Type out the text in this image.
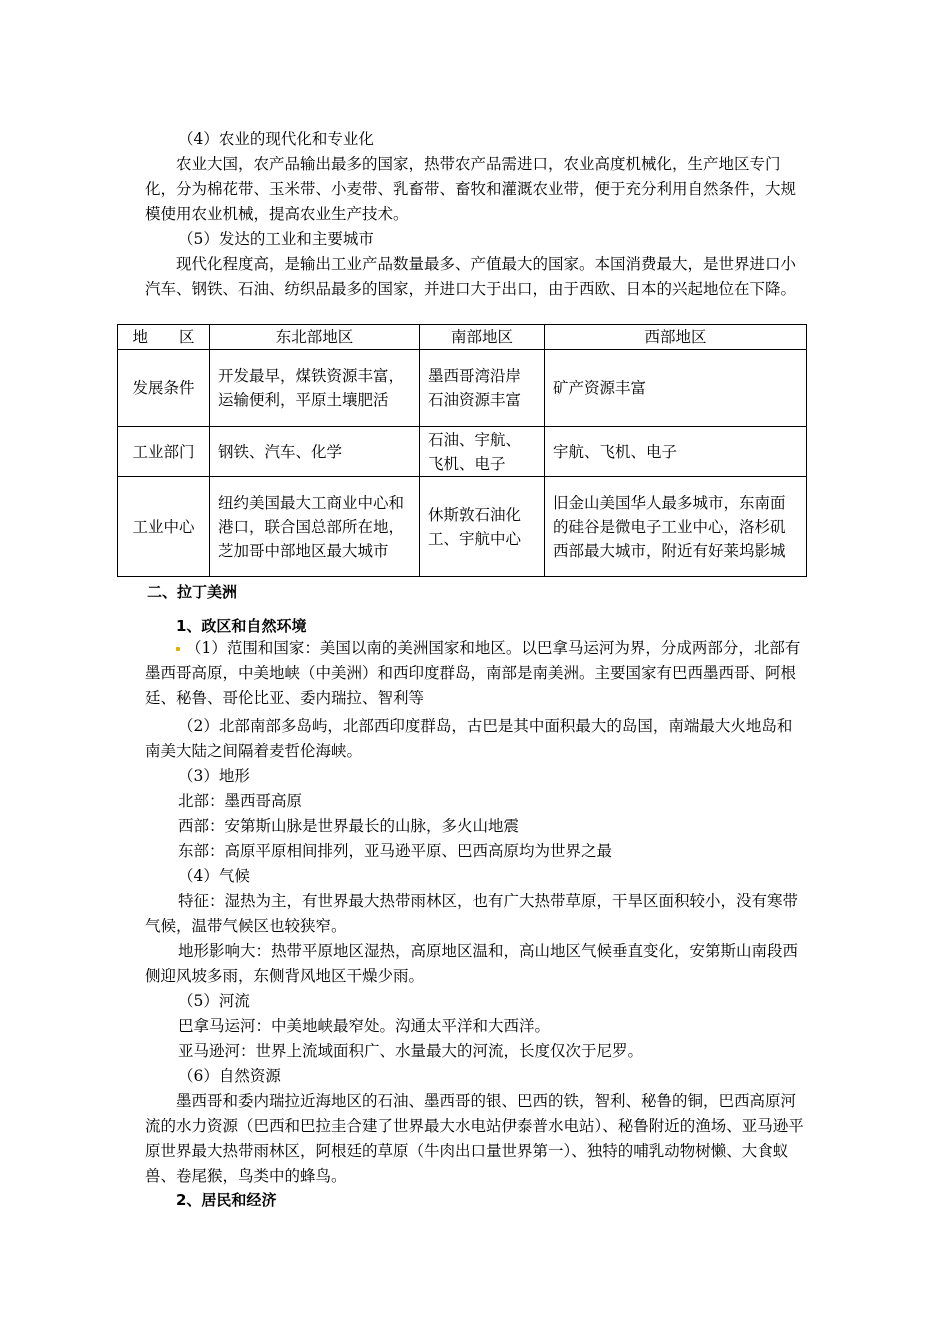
（4）农业的现代化和专业化

农业大国，农产品输出最多的国家，热带农产品需进口，农业高度机械化，生产地区专门化，分为棉花带、玉米带、小麦带、乳畜带、畜牧和灌溉农业带，便于充分利用自然条件，大规模使用农业机械，提高农业生产技术。

（5）发达的工业和主要城市

现代化程度高，是输出工业产品数量最多、产值最大的国家。本国消费最大，是世界进口小汽车、钢铁、石油、纺织品最多的国家，并进口大于出口，由于西欧、日本的兴起地位在下降。

地　　区	东北部地区	南部地区	西部地区
发展条件	开发最早，煤铁资源丰富，运输便利，平原土壤肥活	墨西哥湾沿岸石油资源丰富	矿产资源丰富
工业部门	钢铁、汽车、化学	石油、宇航、飞机、电子	宇航、飞机、电子
工业中心	纽约美国最大工商业中心和港口，联合国总部所在地，芝加哥中部地区最大城市	休斯敦石油化工、宇航中心	旧金山美国华人最多城市，东南面的硅谷是微电子工业中心，洛杉矶西部最大城市，附近有好莱坞影城

二、拉丁美洲

1、政区和自然环境

（1）范围和国家：美国以南的美洲国家和地区。以巴拿马运河为界，分成两部分，北部有墨西哥高原，中美地峡（中美洲）和西印度群岛，南部是南美洲。主要国家有巴西墨西哥、阿根廷、秘鲁、哥伦比亚、委内瑞拉、智利等

（2）北部南部多岛屿，北部西印度群岛，古巴是其中面积最大的岛国，南端最大火地岛和南美大陆之间隔着麦哲伦海峡。

（3）地形

北部：墨西哥高原

西部：安第斯山脉是世界最长的山脉，多火山地震

东部：高原平原相间排列，亚马逊平原、巴西高原均为世界之最

（4）气候

特征：湿热为主，有世界最大热带雨林区，也有广大热带草原，干旱区面积较小，没有寒带气候，温带气候区也较狭窄。

地形影响大：热带平原地区湿热，高原地区温和，高山地区气候垂直变化，安第斯山南段西侧迎风坡多雨，东侧背风地区干燥少雨。

（5）河流

巴拿马运河：中美地峡最窄处。沟通太平洋和大西洋。

亚马逊河：世界上流域面积广、水量最大的河流，长度仅次于尼罗。

（6）自然资源

墨西哥和委内瑞拉近海地区的石油、墨西哥的银、巴西的铁，智利、秘鲁的铜，巴西高原河流的水力资源（巴西和巴拉圭合建了世界最大水电站伊泰普水电站）、秘鲁附近的渔场、亚马逊平原世界最大热带雨林区，阿根廷的草原（牛肉出口量世界第一）、独特的哺乳动物树懒、大食蚁兽、卷尾猴，鸟类中的蜂鸟。

2、居民和经济
